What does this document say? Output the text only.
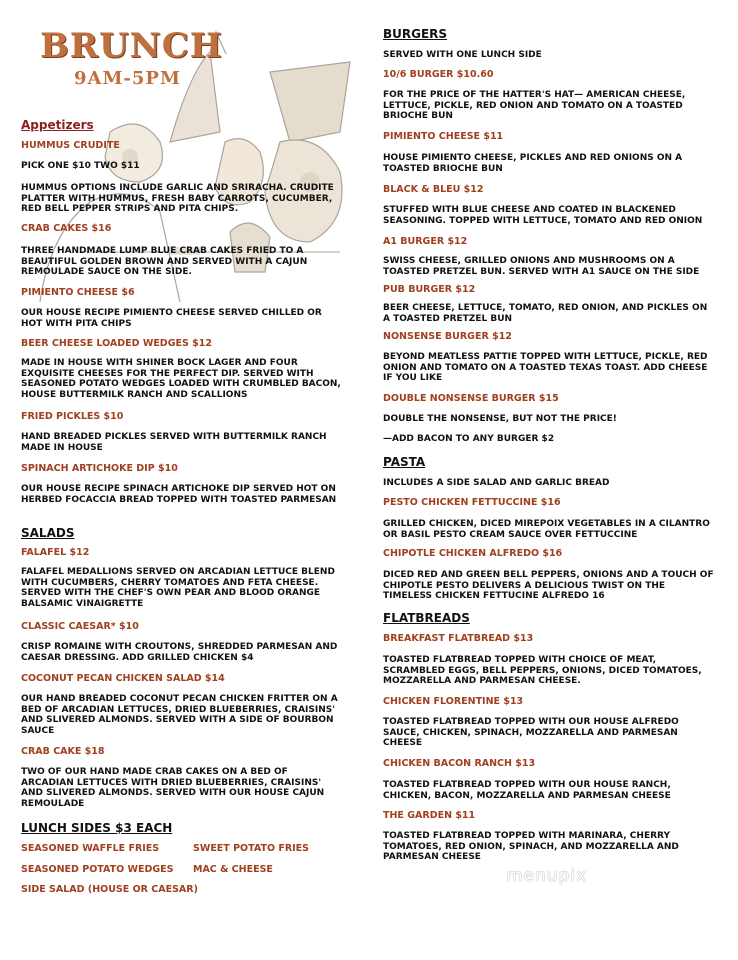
BRUNCH
9AM-5PM
Appetizers
HUMMUS CRUDITE
PICK ONE $10 TWO $11
HUMMUS OPTIONS INCLUDE GARLIC AND SRIRACHA. CRUDITE PLATTER WITH HUMMUS, FRESH BABY CARROTS, CUCUMBER, RED BELL PEPPER STRIPS AND PITA CHIPS.
CRAB CAKES $16
THREE HANDMADE LUMP BLUE CRAB CAKES FRIED TO A BEAUTIFUL GOLDEN BROWN AND SERVED WITH A CAJUN REMOULADE SAUCE ON THE SIDE.
PIMIENTO CHEESE $6
OUR HOUSE RECIPE PIMIENTO CHEESE SERVED CHILLED OR HOT WITH PITA CHIPS
BEER CHEESE LOADED WEDGES $12
MADE IN HOUSE WITH SHINER BOCK LAGER AND FOUR EXQUISITE CHEESES FOR THE PERFECT DIP. SERVED WITH SEASONED POTATO WEDGES LOADED WITH CRUMBLED BACON, HOUSE BUTTERMILK RANCH AND SCALLIONS
FRIED PICKLES $10
HAND BREADED PICKLES SERVED WITH BUTTERMILK RANCH MADE IN HOUSE
SPINACH ARTICHOKE DIP $10
OUR HOUSE RECIPE SPINACH ARTICHOKE DIP SERVED HOT ON HERBED FOCACCIA BREAD TOPPED WITH TOASTED PARMESAN
SALADS
FALAFEL $12
FALAFEL MEDALLIONS SERVED ON ARCADIAN LETTUCE BLEND WITH CUCUMBERS, CHERRY TOMATOES AND FETA CHEESE. SERVED WITH THE CHEF'S OWN PEAR AND BLOOD ORANGE BALSAMIC VINAIGRETTE
CLASSIC CAESAR* $10
CRISP ROMAINE WITH CROUTONS, SHREDDED PARMESAN AND CAESAR DRESSING. ADD GRILLED CHICKEN $4
COCONUT PECAN CHICKEN SALAD $14
OUR HAND BREADED COCONUT PECAN CHICKEN FRITTER ON A BED OF ARCADIAN LETTUCES, DRIED BLUEBERRIES, CRAISINS' AND SLIVERED ALMONDS. SERVED WITH A SIDE OF BOURBON SAUCE
CRAB CAKE $18
TWO OF OUR HAND MADE CRAB CAKES ON A BED OF ARCADIAN LETTUCES WITH DRIED BLUEBERRIES, CRAISINS' AND SLIVERED ALMONDS. SERVED WITH OUR HOUSE CAJUN REMOULADE
LUNCH SIDES $3 EACH
SEASONED WAFFLE FRIES	SWEET POTATO FRIES
SEASONED POTATO WEDGES MAC & CHEESE
SIDE SALAD (HOUSE OR CAESAR)
BURGERS
SERVED WITH ONE LUNCH SIDE
10/6 BURGER $10.60
FOR THE PRICE OF THE HATTER'S HAT— AMERICAN CHEESE, LETTUCE, PICKLE, RED ONION AND TOMATO ON A TOASTED BRIOCHE BUN
PIMIENTO CHEESE $11
HOUSE PIMIENTO CHEESE, PICKLES AND RED ONIONS ON A TOASTED BRIOCHE BUN
BLACK & BLEU $12
STUFFED WITH BLUE CHEESE AND COATED IN BLACKENED SEASONING. TOPPED WITH LETTUCE, TOMATO AND RED ONION
A1 BURGER $12
SWISS CHEESE, GRILLED ONIONS AND MUSHROOMS ON A TOASTED PRETZEL BUN. SERVED WITH A1 SAUCE ON THE SIDE
PUB BURGER $12
BEER CHEESE, LETTUCE, TOMATO, RED ONION, AND PICKLES ON A TOASTED PRETZEL BUN
NONSENSE BURGER $12
BEYOND MEATLESS PATTIE TOPPED WITH LETTUCE, PICKLE, RED ONION AND TOMATO ON A TOASTED TEXAS TOAST. ADD CHEESE IF YOU LIKE
DOUBLE NONSENSE BURGER $15
DOUBLE THE NONSENSE, BUT NOT THE PRICE!
—ADD BACON TO ANY BURGER $2
PASTA
INCLUDES A SIDE SALAD AND GARLIC BREAD
PESTO CHICKEN FETTUCCINE $16
GRILLED CHICKEN, DICED MIREPOIX VEGETABLES IN A CILANTRO OR BASIL PESTO CREAM SAUCE OVER FETTUCCINE
CHIPOTLE CHICKEN ALFREDO $16
DICED RED AND GREEN BELL PEPPERS, ONIONS AND A TOUCH OF CHIPOTLE PESTO DELIVERS A DELICIOUS TWIST ON THE TIMELESS CHICKEN FETTUCINE ALFREDO 16
FLATBREADS
BREAKFAST FLATBREAD $13
TOASTED FLATBREAD TOPPED WITH CHOICE OF MEAT, SCRAMBLED EGGS, BELL PEPPERS, ONIONS, DICED TOMATOES, MOZZARELLA AND PARMESAN CHEESE.
CHICKEN FLORENTINE $13
TOASTED FLATBREAD TOPPED WITH OUR HOUSE ALFREDO SAUCE, CHICKEN, SPINACH, MOZZARELLA AND PARMESAN CHEESE
CHICKEN BACON RANCH $13
TOASTED FLATBREAD TOPPED WITH OUR HOUSE RANCH, CHICKEN, BACON, MOZZARELLA AND PARMESAN CHEESE
THE GARDEN $11
TOASTED FLATBREAD TOPPED WITH MARINARA, CHERRY TOMATOES, RED ONION, SPINACH, AND MOZZARELLA AND PARMESAN CHEESE
menupix
